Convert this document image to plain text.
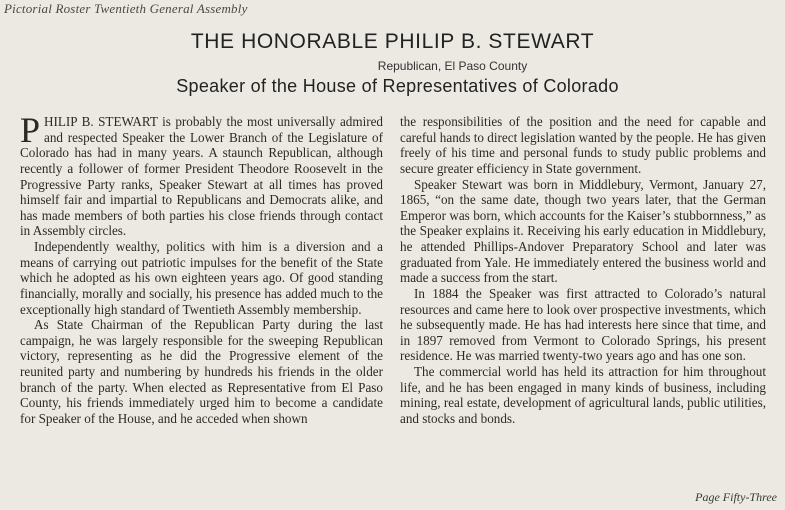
Pictorial Roster Twentieth General Assembly
THE HONORABLE PHILIP B. STEWART
Republican, El Paso County
Speaker of the House of Representatives of Colorado

PHILIP B. STEWART is probably the most universally admired and respected Speaker the Lower Branch of the Legislature of Colorado has had in many years. A staunch Republican, although recently a follower of former President Theodore Roosevelt in the Progressive Party ranks, Speaker Stewart at all times has proved himself fair and impartial to Republicans and Democrats alike, and has made members of both parties his close friends through contact in Assembly circles.

Independently wealthy, politics with him is a diversion and a means of carrying out patriotic impulses for the benefit of the State which he adopted as his own eighteen years ago. Of good standing financially, morally and socially, his presence has added much to the exceptionally high standard of Twentieth Assembly membership.

As State Chairman of the Republican Party during the last campaign, he was largely responsible for the sweeping Republican victory, representing as he did the Progressive element of the reunited party and numbering by hundreds his friends in the older branch of the party. When elected as Representative from El Paso County, his friends immediately urged him to become a candidate for Speaker of the House, and he acceded when shown

the responsibilities of the position and the need for capable and careful hands to direct legislation wanted by the people. He has given freely of his time and personal funds to study public problems and secure greater efficiency in State government.

Speaker Stewart was born in Middlebury, Vermont, January 27, 1865, “on the same date, though two years later, that the German Emperor was born, which accounts for the Kaiser’s stubbornness,” as the Speaker explains it. Receiving his early education in Middlebury, he attended Phillips-Andover Preparatory School and later was graduated from Yale. He immediately entered the business world and made a success from the start.

In 1884 the Speaker was first attracted to Colorado’s natural resources and came here to look over prospective investments, which he subsequently made. He has had interests here since that time, and in 1897 removed from Vermont to Colorado Springs, his present residence. He was married twenty-two years ago and has one son.

The commercial world has held its attraction for him throughout life, and he has been engaged in many kinds of business, including mining, real estate, development of agricultural lands, public utilities, and stocks and bonds.

Page Fifty-Three
